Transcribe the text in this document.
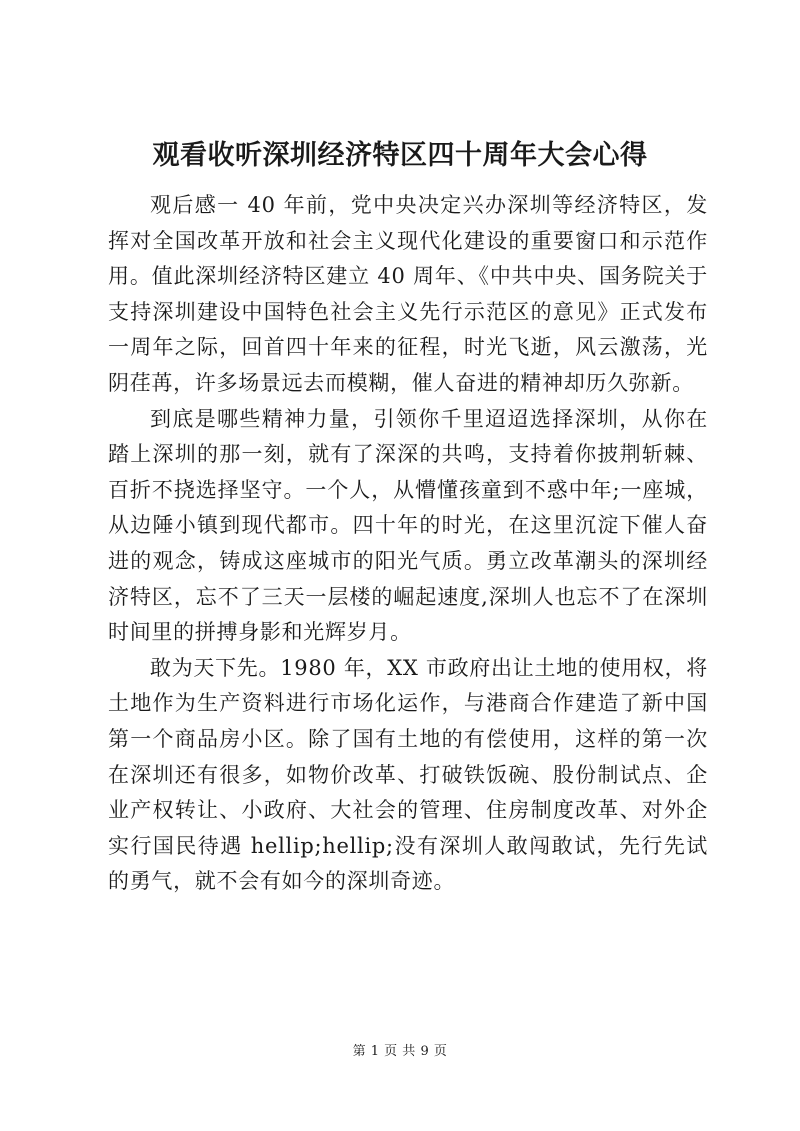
观看收听深圳经济特区四十周年大会心得

观后感一 40 年前，党中央决定兴办深圳等经济特区，发挥对全国改革开放和社会主义现代化建设的重要窗口和示范作用。值此深圳经济特区建立 40 周年、《中共中央、国务院关于支持深圳建设中国特色社会主义先行示范区的意见》正式发布一周年之际，回首四十年来的征程，时光飞逝，风云激荡，光阴荏苒，许多场景远去而模糊，催人奋进的精神却历久弥新。

到底是哪些精神力量，引领你千里迢迢选择深圳，从你在踏上深圳的那一刻，就有了深深的共鸣，支持着你披荆斩棘、百折不挠选择坚守。一个人，从懵懂孩童到不惑中年;一座城，从边陲小镇到现代都市。四十年的时光，在这里沉淀下催人奋进的观念，铸成这座城市的阳光气质。勇立改革潮头的深圳经济特区，忘不了三天一层楼的崛起速度,深圳人也忘不了在深圳时间里的拼搏身影和光辉岁月。

敢为天下先。1980 年，XX 市政府出让土地的使用权，将土地作为生产资料进行市场化运作，与港商合作建造了新中国第一个商品房小区。除了国有土地的有偿使用，这样的第一次在深圳还有很多，如物价改革、打破铁饭碗、股份制试点、企业产权转让、小政府、大社会的管理、住房制度改革、对外企实行国民待遇 hellip;hellip;没有深圳人敢闯敢试，先行先试的勇气，就不会有如今的深圳奇迹。

第 1 页 共 9 页
